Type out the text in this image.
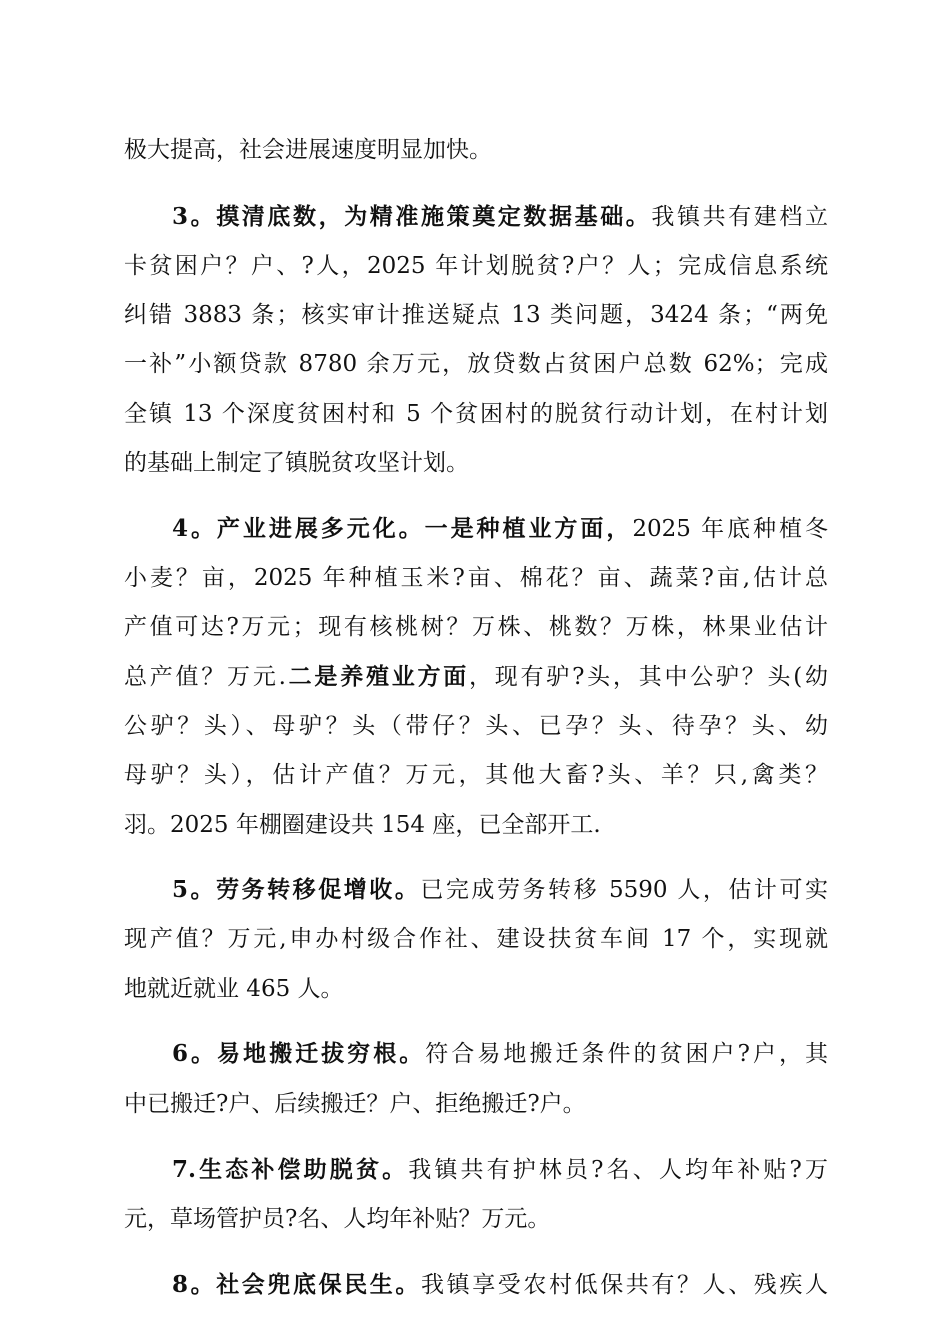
极大提高，社会进展速度明显加快。
3。摸清底数，为精准施策奠定数据基础。我镇共有建档立
卡贫困户？户、?人，2025 年计划脱贫?户？人；完成信息系统
纠错 3883 条；核实审计推送疑点 13 类问题，3424 条；“两免
一补”小额贷款 8780 余万元，放贷数占贫困户总数 62%；完成
全镇 13 个深度贫困村和 5 个贫困村的脱贫行动计划，在村计划
的基础上制定了镇脱贫攻坚计划。
4。产业进展多元化。一是种植业方面，2025 年底种植冬
小麦？亩，2025 年种植玉米?亩、棉花？亩、蔬菜?亩,估计总
产值可达?万元；现有核桃树？万株、桃数？万株，林果业估计
总产值？万元.二是养殖业方面，现有驴?头，其中公驴？头(幼
公驴？头）、母驴？头（带仔？头、已孕？头、待孕？头、幼
母驴？头），估计产值？万元，其他大畜?头、羊？只,禽类？
羽。2025 年棚圈建设共 154 座，已全部开工.
5。劳务转移促增收。已完成劳务转移 5590 人，估计可实
现产值？万元,申办村级合作社、建设扶贫车间 17 个，实现就
地就近就业 465 人。
6。易地搬迁拔穷根。符合易地搬迁条件的贫困户?户，其
中已搬迁?户、后续搬迁？户、拒绝搬迁?户。
7.生态补偿助脱贫。我镇共有护林员?名、人均年补贴?万
元，草场管护员?名、人均年补贴？万元。
8。社会兜底保民生。我镇享受农村低保共有？人、残疾人
